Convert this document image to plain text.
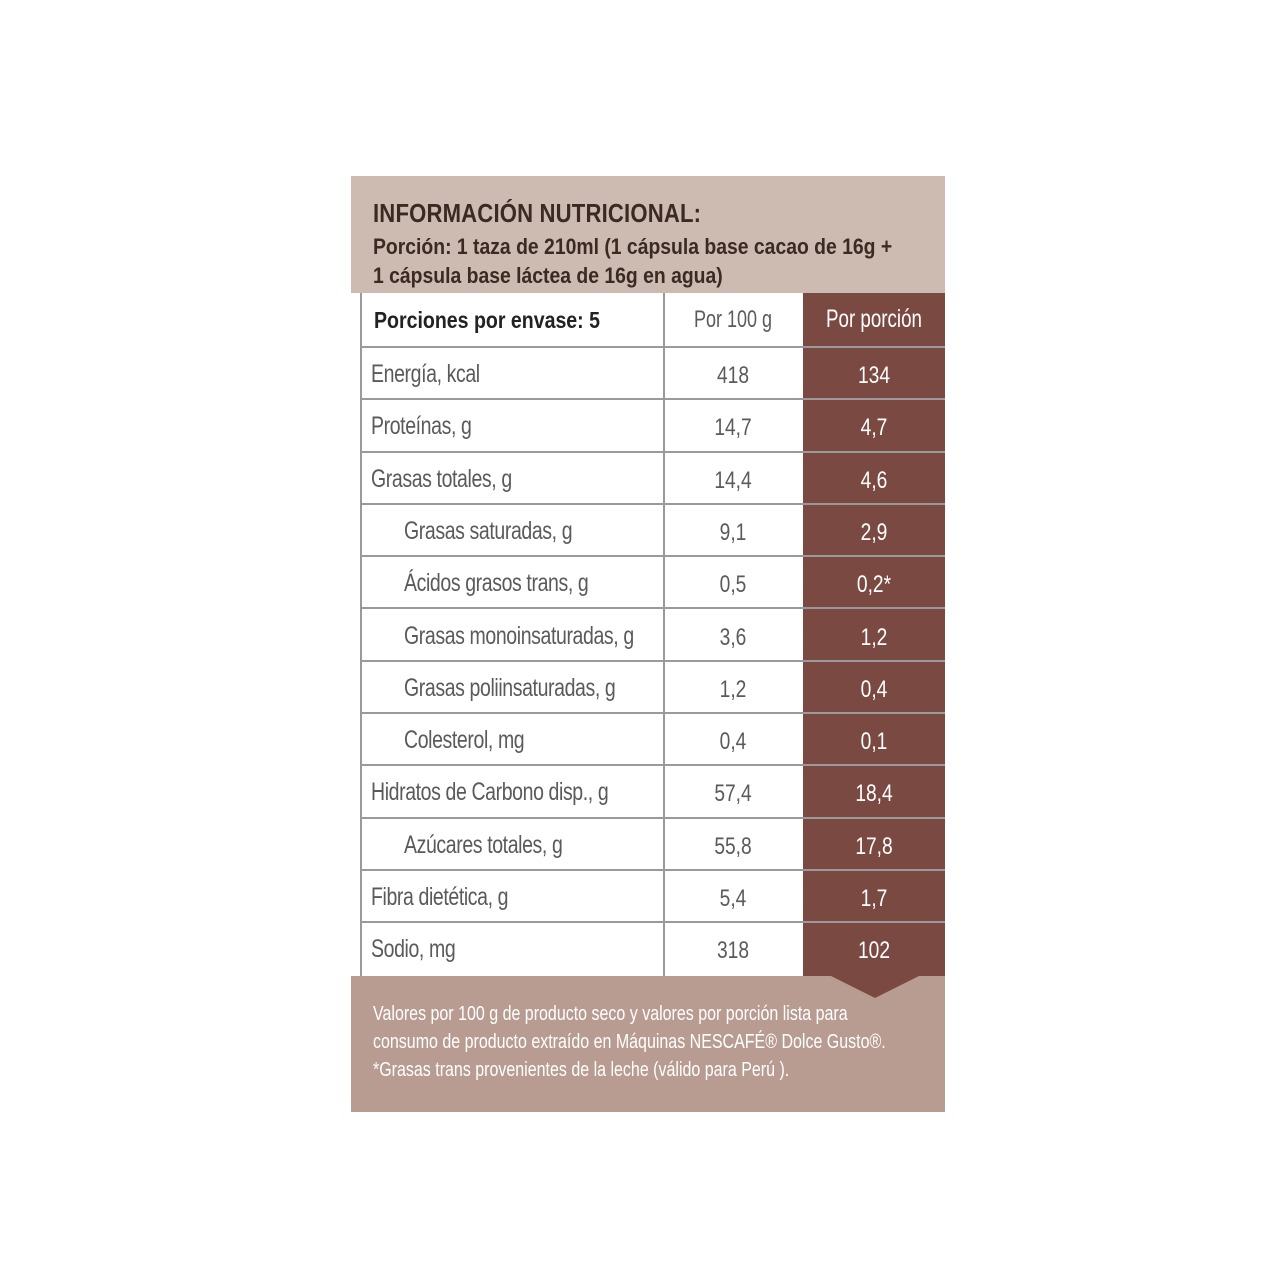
INFORMACIÓN NUTRICIONAL:
Porción: 1 taza de 210ml (1 cápsula base cacao de 16g +
1 cápsula base láctea de 16g en agua)
Porciones por envase: 5	Por 100 g	Por porción
Energía, kcal	418	134
Proteínas, g	14,7	4,7
Grasas totales, g	14,4	4,6
Grasas saturadas, g	9,1	2,9
Ácidos grasos trans, g	0,5	0,2*
Grasas monoinsaturadas, g	3,6	1,2
Grasas poliinsaturadas, g	1,2	0,4
Colesterol, mg	0,4	0,1
Hidratos de Carbono disp., g	57,4	18,4
Azúcares totales, g	55,8	17,8
Fibra dietética, g	5,4	1,7
Sodio, mg	318	102
Valores por 100 g de producto seco y valores por porción lista para
consumo de producto extraído en Máquinas NESCAFÉ® Dolce Gusto®.
*Grasas trans provenientes de la leche (válido para Perú ).
